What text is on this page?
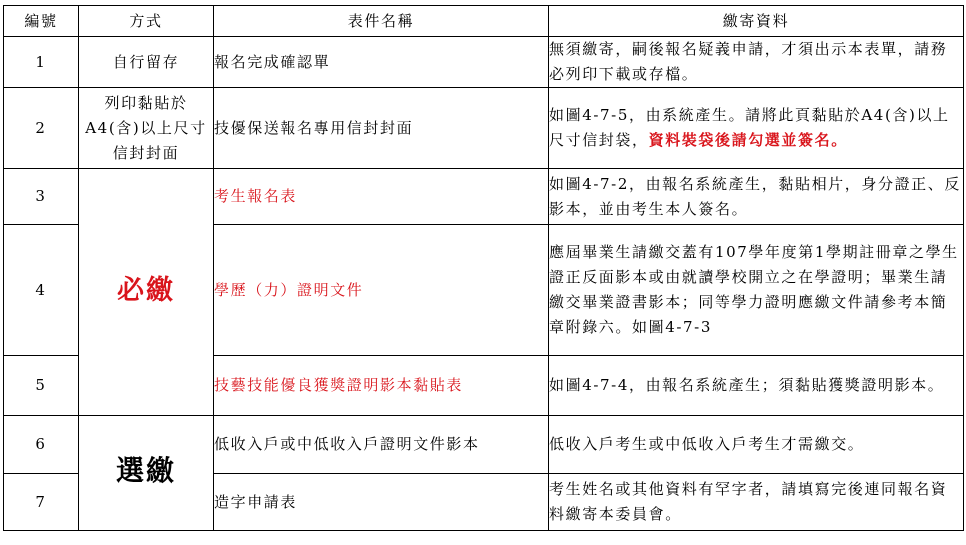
編號	方式	表件名稱	繳寄資料
1	自行留存	報名完成確認單	無須繳寄，嗣後報名疑義申請，才須出示本表單，請務必列印下載或存檔。
2	列印黏貼於A4(含)以上尺寸信封封面	技優保送報名專用信封封面	如圖4-7-5，由系統產生。請將此頁黏貼於A4(含)以上尺寸信封袋，資料裝袋後請勾選並簽名。
3	必繳	考生報名表	如圖4-7-2，由報名系統產生，黏貼相片，身分證正、反影本，並由考生本人簽名。
4		學歷（力）證明文件	應屆畢業生請繳交蓋有107學年度第1學期註冊章之學生證正反面影本或由就讀學校開立之在學證明；畢業生請繳交畢業證書影本；同等學力證明應繳文件請參考本簡章附錄六。如圖4-7-3
5		技藝技能優良獲獎證明影本黏貼表	如圖4-7-4，由報名系統產生；須黏貼獲獎證明影本。
6	選繳	低收入戶或中低收入戶證明文件影本	低收入戶考生或中低收入戶考生才需繳交。
7		造字申請表	考生姓名或其他資料有罕字者，請填寫完後連同報名資料繳寄本委員會。
